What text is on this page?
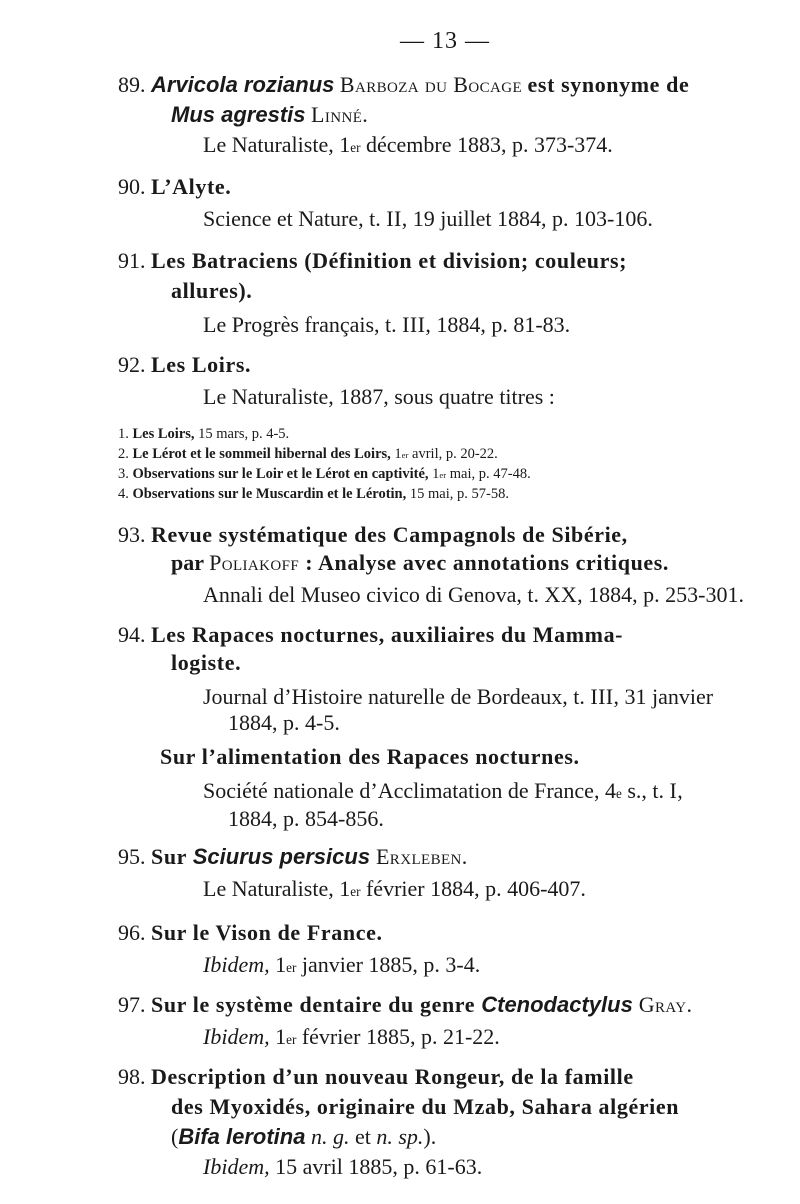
— 13 —
89. Arvicola rozianus Barboza du Bocage est synonyme de
Mus agrestis Linné.
Le Naturaliste, 1er décembre 1883, p. 373-374.
90. L’Alyte.
Science et Nature, t. II, 19 juillet 1884, p. 103-106.
91. Les Batraciens (Définition et division; couleurs;
allures).
Le Progrès français, t. III, 1884, p. 81-83.
92. Les Loirs.
Le Naturaliste, 1887, sous quatre titres :
1. Les Loirs, 15 mars, p. 4-5.
2. Le Lérot et le sommeil hibernal des Loirs, 1er avril, p. 20-22.
3. Observations sur le Loir et le Lérot en captivité, 1er mai, p. 47-48.
4. Observations sur le Muscardin et le Lérotin, 15 mai, p. 57-58.
93. Revue systématique des Campagnols de Sibérie,
par Poliakoff : Analyse avec annotations critiques.
Annali del Museo civico di Genova, t. XX, 1884, p. 253-301.
94. Les Rapaces nocturnes, auxiliaires du Mamma-
logiste.
Journal d’Histoire naturelle de Bordeaux, t. III, 31 janvier
1884, p. 4-5.
Sur l’alimentation des Rapaces nocturnes.
Société nationale d’Acclimatation de France, 4e s., t. I,
1884, p. 854-856.
95. Sur Sciurus persicus Erxleben.
Le Naturaliste, 1er février 1884, p. 406-407.
96. Sur le Vison de France.
Ibidem, 1er janvier 1885, p. 3-4.
97. Sur le système dentaire du genre Ctenodactylus Gray.
Ibidem, 1er février 1885, p. 21-22.
98. Description d’un nouveau Rongeur, de la famille
des Myoxidés, originaire du Mzab, Sahara algérien
(Bifa lerotina n. g. et n. sp.).
Ibidem, 15 avril 1885, p. 61-63.
